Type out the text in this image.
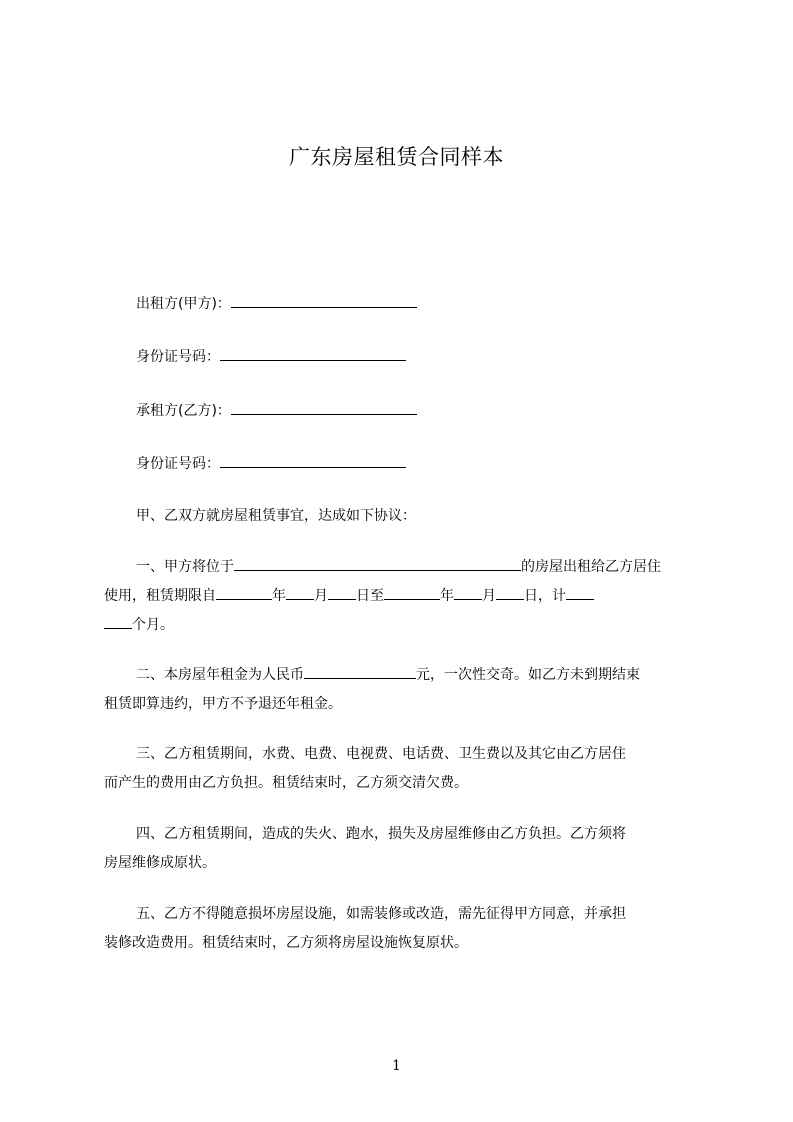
广东房屋租赁合同样本
出租方(甲方)：
身份证号码：
承租方(乙方)：
身份证号码：
甲、乙双方就房屋租赁事宜，达成如下协议：
一、甲方将位于	的房屋出租给乙方居住
使用，租赁期限自	年 月 日至	年 月 日，计
个月。
二、本房屋年租金为人民币	元，一次性交奇。如乙方未到期结束
租赁即算违约，甲方不予退还年租金。
三、乙方租赁期间，水费、电费、电视费、电话费、卫生费以及其它由乙方居住
而产生的费用由乙方负担。租赁结束时，乙方须交清欠费。
四、乙方租赁期间，造成的失火、跑水，损失及房屋维修由乙方负担。乙方须将
房屋维修成原状。
五、乙方不得随意损坏房屋设施，如需装修或改造，需先征得甲方同意，并承担
装修改造费用。租赁结束时，乙方须将房屋设施恢复原状。
1
